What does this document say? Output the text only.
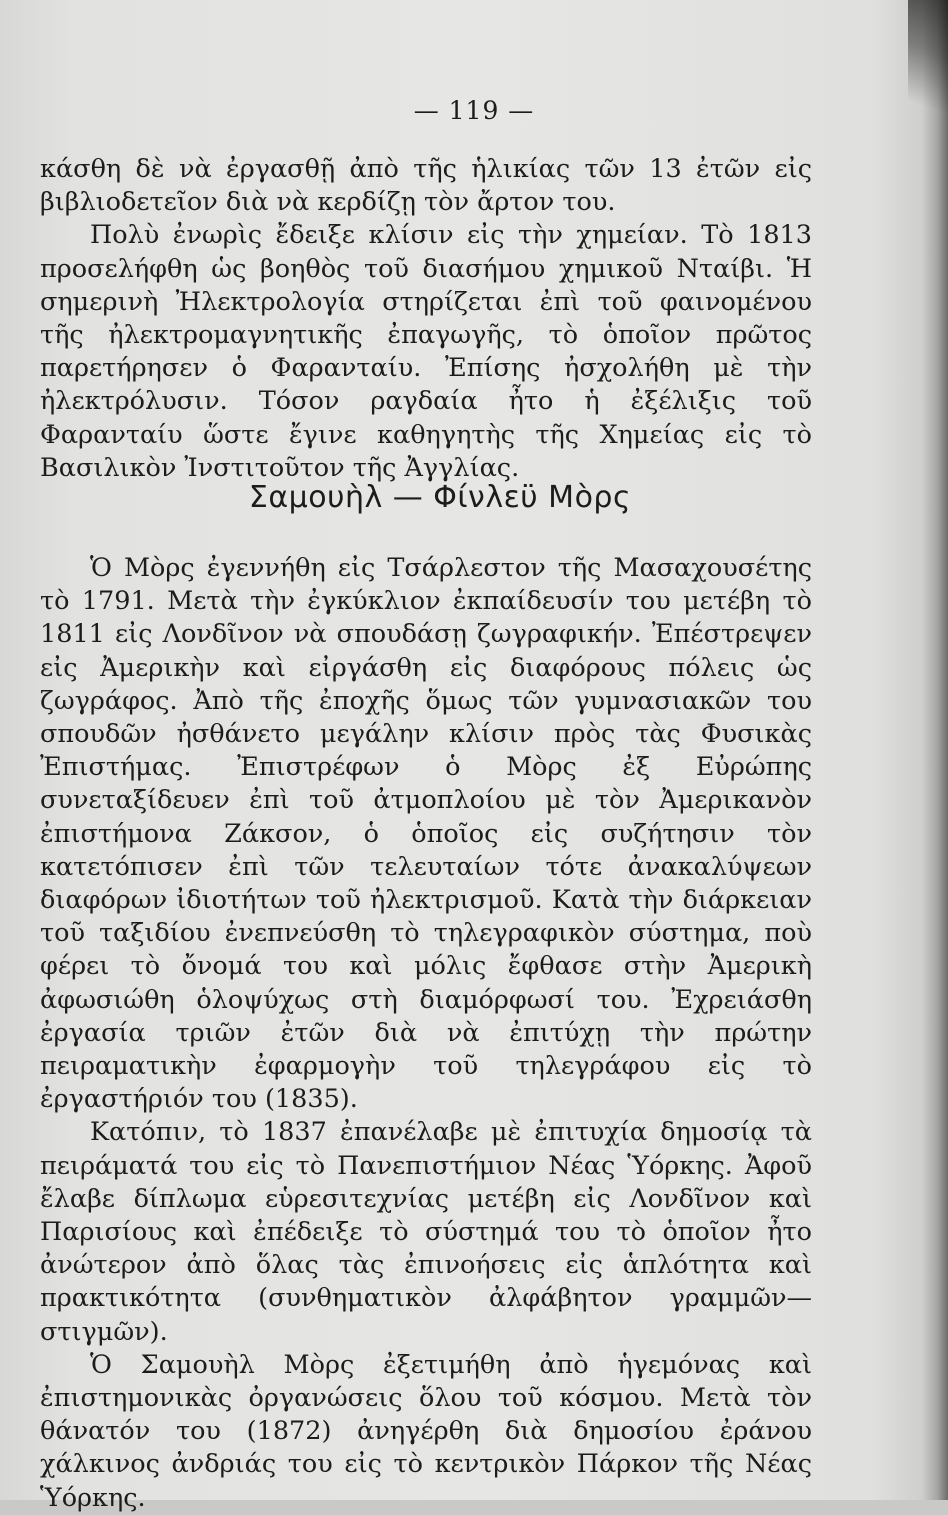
— 119 —

κάσθη δὲ νὰ ἐργασθῇ ἀπὸ τῆς ἡλικίας τῶν 13 ἐτῶν εἰς βιβλιοδετεῖον διὰ νὰ κερδίζῃ τὸν ἄρτον του.

Πολὺ ἐνωρὶς ἔδειξε κλίσιν εἰς τὴν χημείαν. Τὸ 1813 προσελήφθη ὡς βοηθὸς τοῦ διασήμου χημικοῦ Νταίβι. Ἡ σημερινὴ Ἠλεκτρολογία στηρίζεται ἐπὶ τοῦ φαινομένου τῆς ἠλεκτρομαγνητικῆς ἐπαγωγῆς, τὸ ὁποῖον πρῶτος παρετήρησεν ὁ Φαρανταίυ. Ἐπίσης ἠσχολήθη μὲ τὴν ἠλεκτρόλυσιν. Τόσον ραγδαία ἦτο ἡ ἐξέλιξις τοῦ Φαρανταίυ ὥστε ἔγινε καθηγητὴς τῆς Χημείας εἰς τὸ Βασιλικὸν Ἰνστιτοῦτον τῆς Ἀγγλίας.

Σαμουὴλ — Φίνλεϋ Μὸρς

Ὁ Μὸρς ἐγεννήθη εἰς Τσάρλεστον τῆς Μασαχουσέτης τὸ 1791. Μετὰ τὴν ἐγκύκλιον ἐκπαίδευσίν του μετέβη τὸ 1811 εἰς Λονδῖνον νὰ σπουδάσῃ ζωγραφικήν. Ἐπέστρεψεν εἰς Ἀμερικὴν καὶ εἰργάσθη εἰς διαφόρους πόλεις ὡς ζωγράφος. Ἀπὸ τῆς ἐποχῆς ὅμως τῶν γυμνασιακῶν του σπουδῶν ἠσθάνετο μεγάλην κλίσιν πρὸς τὰς Φυσικὰς Ἐπιστήμας. Ἐπιστρέφων ὁ Μὸρς ἐξ Εὐρώπης συνεταξίδευεν ἐπὶ τοῦ ἀτμοπλοίου μὲ τὸν Ἀμερικανὸν ἐπιστήμονα Ζάκσον, ὁ ὁποῖος εἰς συζήτησιν τὸν κατετόπισεν ἐπὶ τῶν τελευταίων τότε ἀνακαλύψεων διαφόρων ἰδιοτήτων τοῦ ἠλεκτρισμοῦ. Κατὰ τὴν διάρκειαν τοῦ ταξιδίου ἐνεπνεύσθη τὸ τηλεγραφικὸν σύστημα, ποὺ φέρει τὸ ὄνομά του καὶ μόλις ἔφθασε στὴν Ἀμερικὴ ἀφωσιώθη ὁλοψύχως στὴ διαμόρφωσί του. Ἐχρειάσθη ἐργασία τριῶν ἐτῶν διὰ νὰ ἐπιτύχῃ τὴν πρώτην πειραματικὴν ἐφαρμογὴν τοῦ τηλεγράφου εἰς τὸ ἐργαστήριόν του (1835).

Κατόπιν, τὸ 1837 ἐπανέλαβε μὲ ἐπιτυχία δημοσίᾳ τὰ πειράματά του εἰς τὸ Πανεπιστήμιον Νέας Ὑόρκης. Ἀφοῦ ἔλαβε δίπλωμα εὑρεσιτεχνίας μετέβη εἰς Λονδῖνον καὶ Παρισίους καὶ ἐπέδειξε τὸ σύστημά του τὸ ὁποῖον ἦτο ἀνώτερον ἀπὸ ὅλας τὰς ἐπινοήσεις εἰς ἁπλότητα καὶ πρακτικότητα (συνθηματικὸν ἀλφάβητον γραμμῶν—στιγμῶν).

Ὁ Σαμουὴλ Μὸρς ἐξετιμήθη ἀπὸ ἡγεμόνας καὶ ἐπιστημονικὰς ὀργανώσεις ὅλου τοῦ κόσμου. Μετὰ τὸν θάνατόν του (1872) ἀνηγέρθη διὰ δημοσίου ἐράνου χάλκινος ἀνδριάς του εἰς τὸ κεντρικὸν Πάρκον τῆς Νέας Ὑόρκης.
